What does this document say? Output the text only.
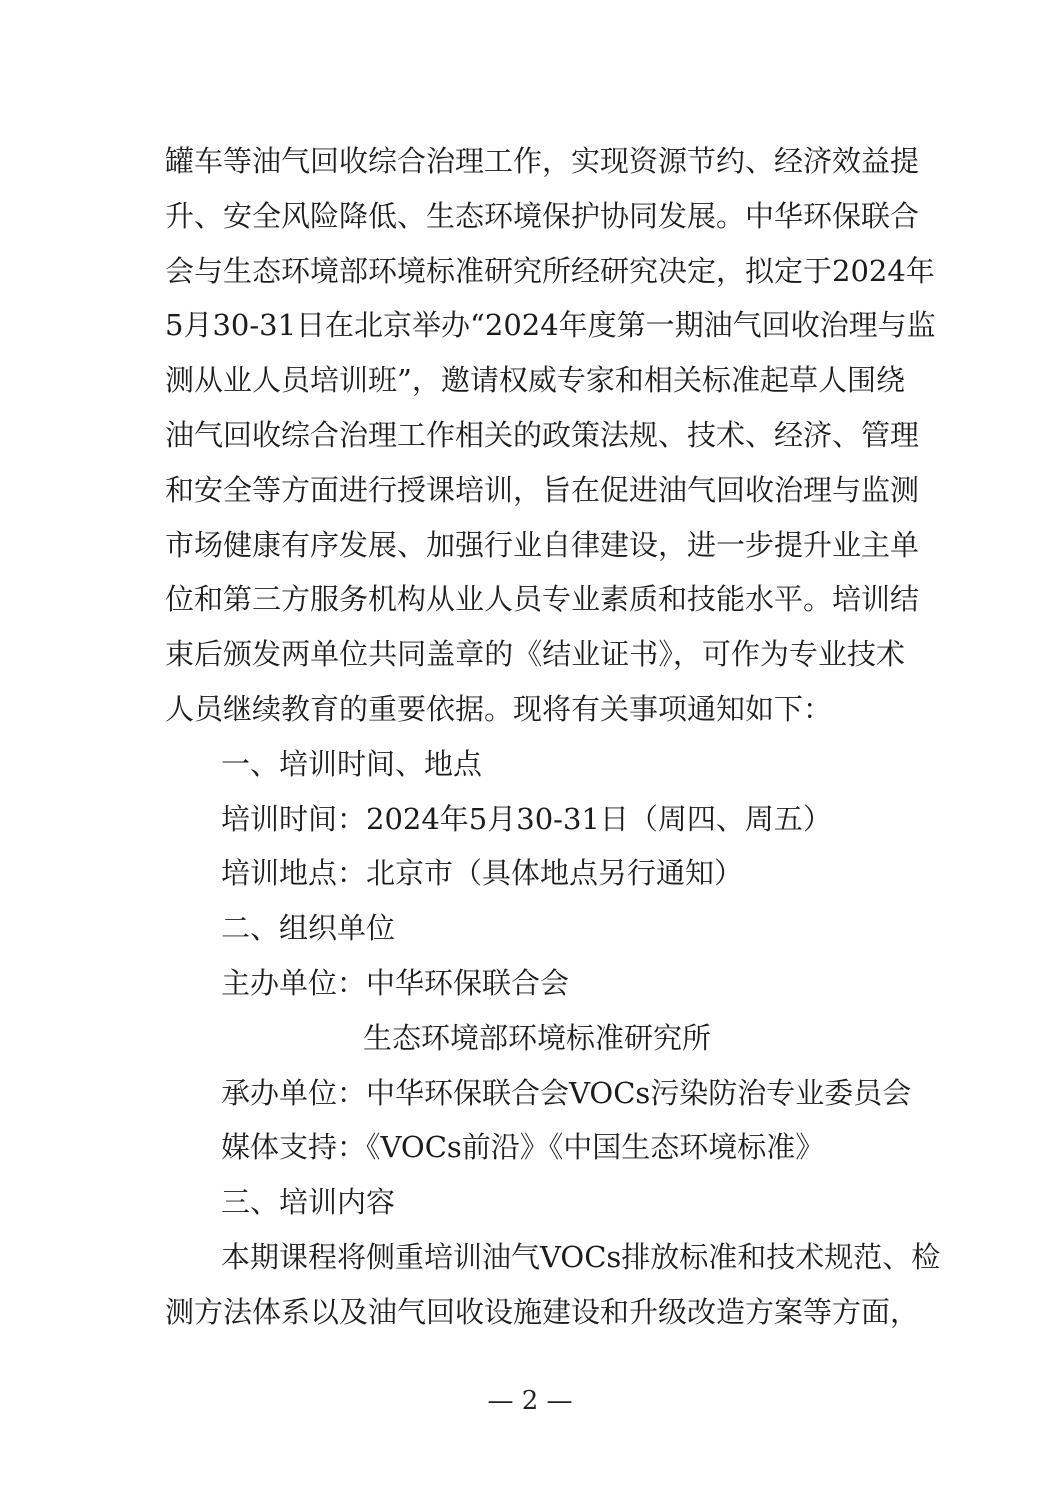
罐车等油气回收综合治理工作，实现资源节约、经济效益提
升、安全风险降低、生态环境保护协同发展。中华环保联合
会与生态环境部环境标准研究所经研究决定，拟定于2024年
5月30-31日在北京举办“2024年度第一期油气回收治理与监
测从业人员培训班”，邀请权威专家和相关标准起草人围绕
油气回收综合治理工作相关的政策法规、技术、经济、管理
和安全等方面进行授课培训，旨在促进油气回收治理与监测
市场健康有序发展、加强行业自律建设，进一步提升业主单
位和第三方服务机构从业人员专业素质和技能水平。培训结
束后颁发两单位共同盖章的《结业证书》，可作为专业技术
人员继续教育的重要依据。现将有关事项通知如下：
一、培训时间、地点
培训时间：2024年5月30-31日（周四、周五）
培训地点：北京市（具体地点另行通知）
二、组织单位
主办单位：中华环保联合会
生态环境部环境标准研究所
承办单位：中华环保联合会VOCs污染防治专业委员会
媒体支持：《VOCs前沿》《中国生态环境标准》
三、培训内容
本期课程将侧重培训油气VOCs排放标准和技术规范、检
测方法体系以及油气回收设施建设和升级改造方案等方面，
— 2 —
